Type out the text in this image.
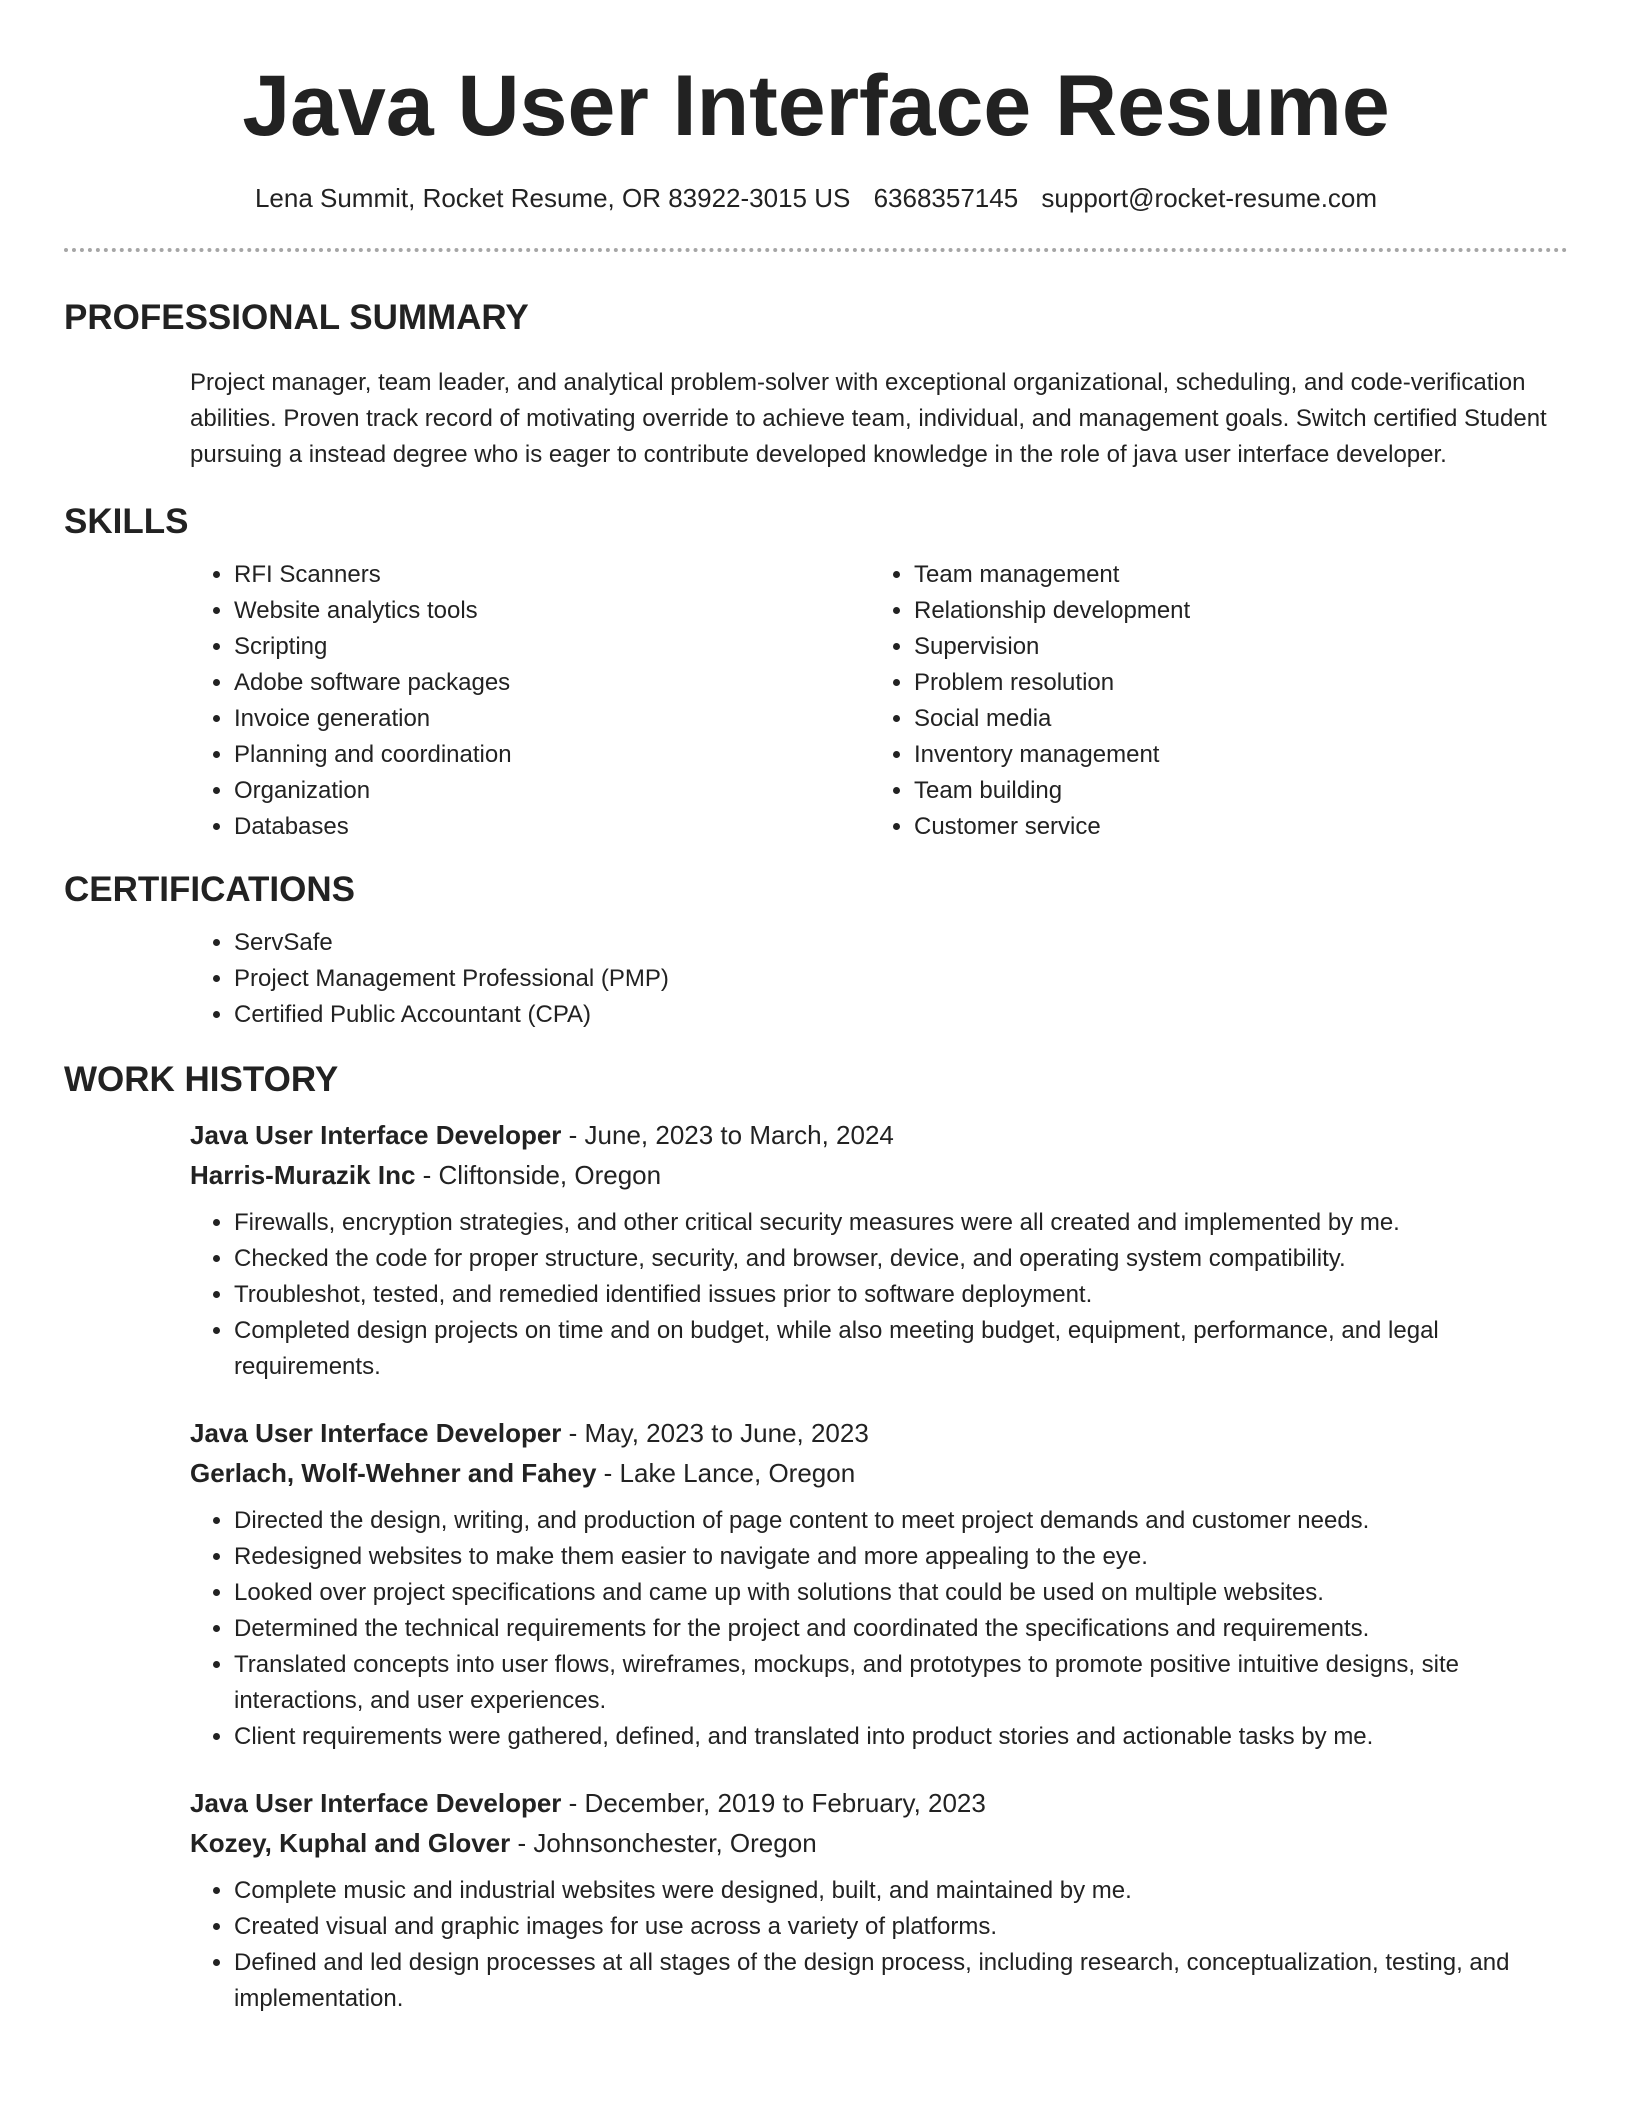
Java User Interface Resume
Lena Summit, Rocket Resume, OR 83922-3015 US 6368357145 support@rocket-resume.com
PROFESSIONAL SUMMARY
Project manager, team leader, and analytical problem-solver with exceptional organizational, scheduling, and code-verification abilities. Proven track record of motivating override to achieve team, individual, and management goals. Switch certified Student pursuing a instead degree who is eager to contribute developed knowledge in the role of java user interface developer.
SKILLS
• RFI Scanners
• Website analytics tools
• Scripting
• Adobe software packages
• Invoice generation
• Planning and coordination
• Organization
• Databases
• Team management
• Relationship development
• Supervision
• Problem resolution
• Social media
• Inventory management
• Team building
• Customer service
CERTIFICATIONS
• ServSafe
• Project Management Professional (PMP)
• Certified Public Accountant (CPA)
WORK HISTORY
Java User Interface Developer - June, 2023 to March, 2024
Harris-Murazik Inc - Cliftonside, Oregon
• Firewalls, encryption strategies, and other critical security measures were all created and implemented by me.
• Checked the code for proper structure, security, and browser, device, and operating system compatibility.
• Troubleshot, tested, and remedied identified issues prior to software deployment.
• Completed design projects on time and on budget, while also meeting budget, equipment, performance, and legal requirements.
Java User Interface Developer - May, 2023 to June, 2023
Gerlach, Wolf-Wehner and Fahey - Lake Lance, Oregon
• Directed the design, writing, and production of page content to meet project demands and customer needs.
• Redesigned websites to make them easier to navigate and more appealing to the eye.
• Looked over project specifications and came up with solutions that could be used on multiple websites.
• Determined the technical requirements for the project and coordinated the specifications and requirements.
• Translated concepts into user flows, wireframes, mockups, and prototypes to promote positive intuitive designs, site interactions, and user experiences.
• Client requirements were gathered, defined, and translated into product stories and actionable tasks by me.
Java User Interface Developer - December, 2019 to February, 2023
Kozey, Kuphal and Glover - Johnsonchester, Oregon
• Complete music and industrial websites were designed, built, and maintained by me.
• Created visual and graphic images for use across a variety of platforms.
• Defined and led design processes at all stages of the design process, including research, conceptualization, testing, and implementation.
